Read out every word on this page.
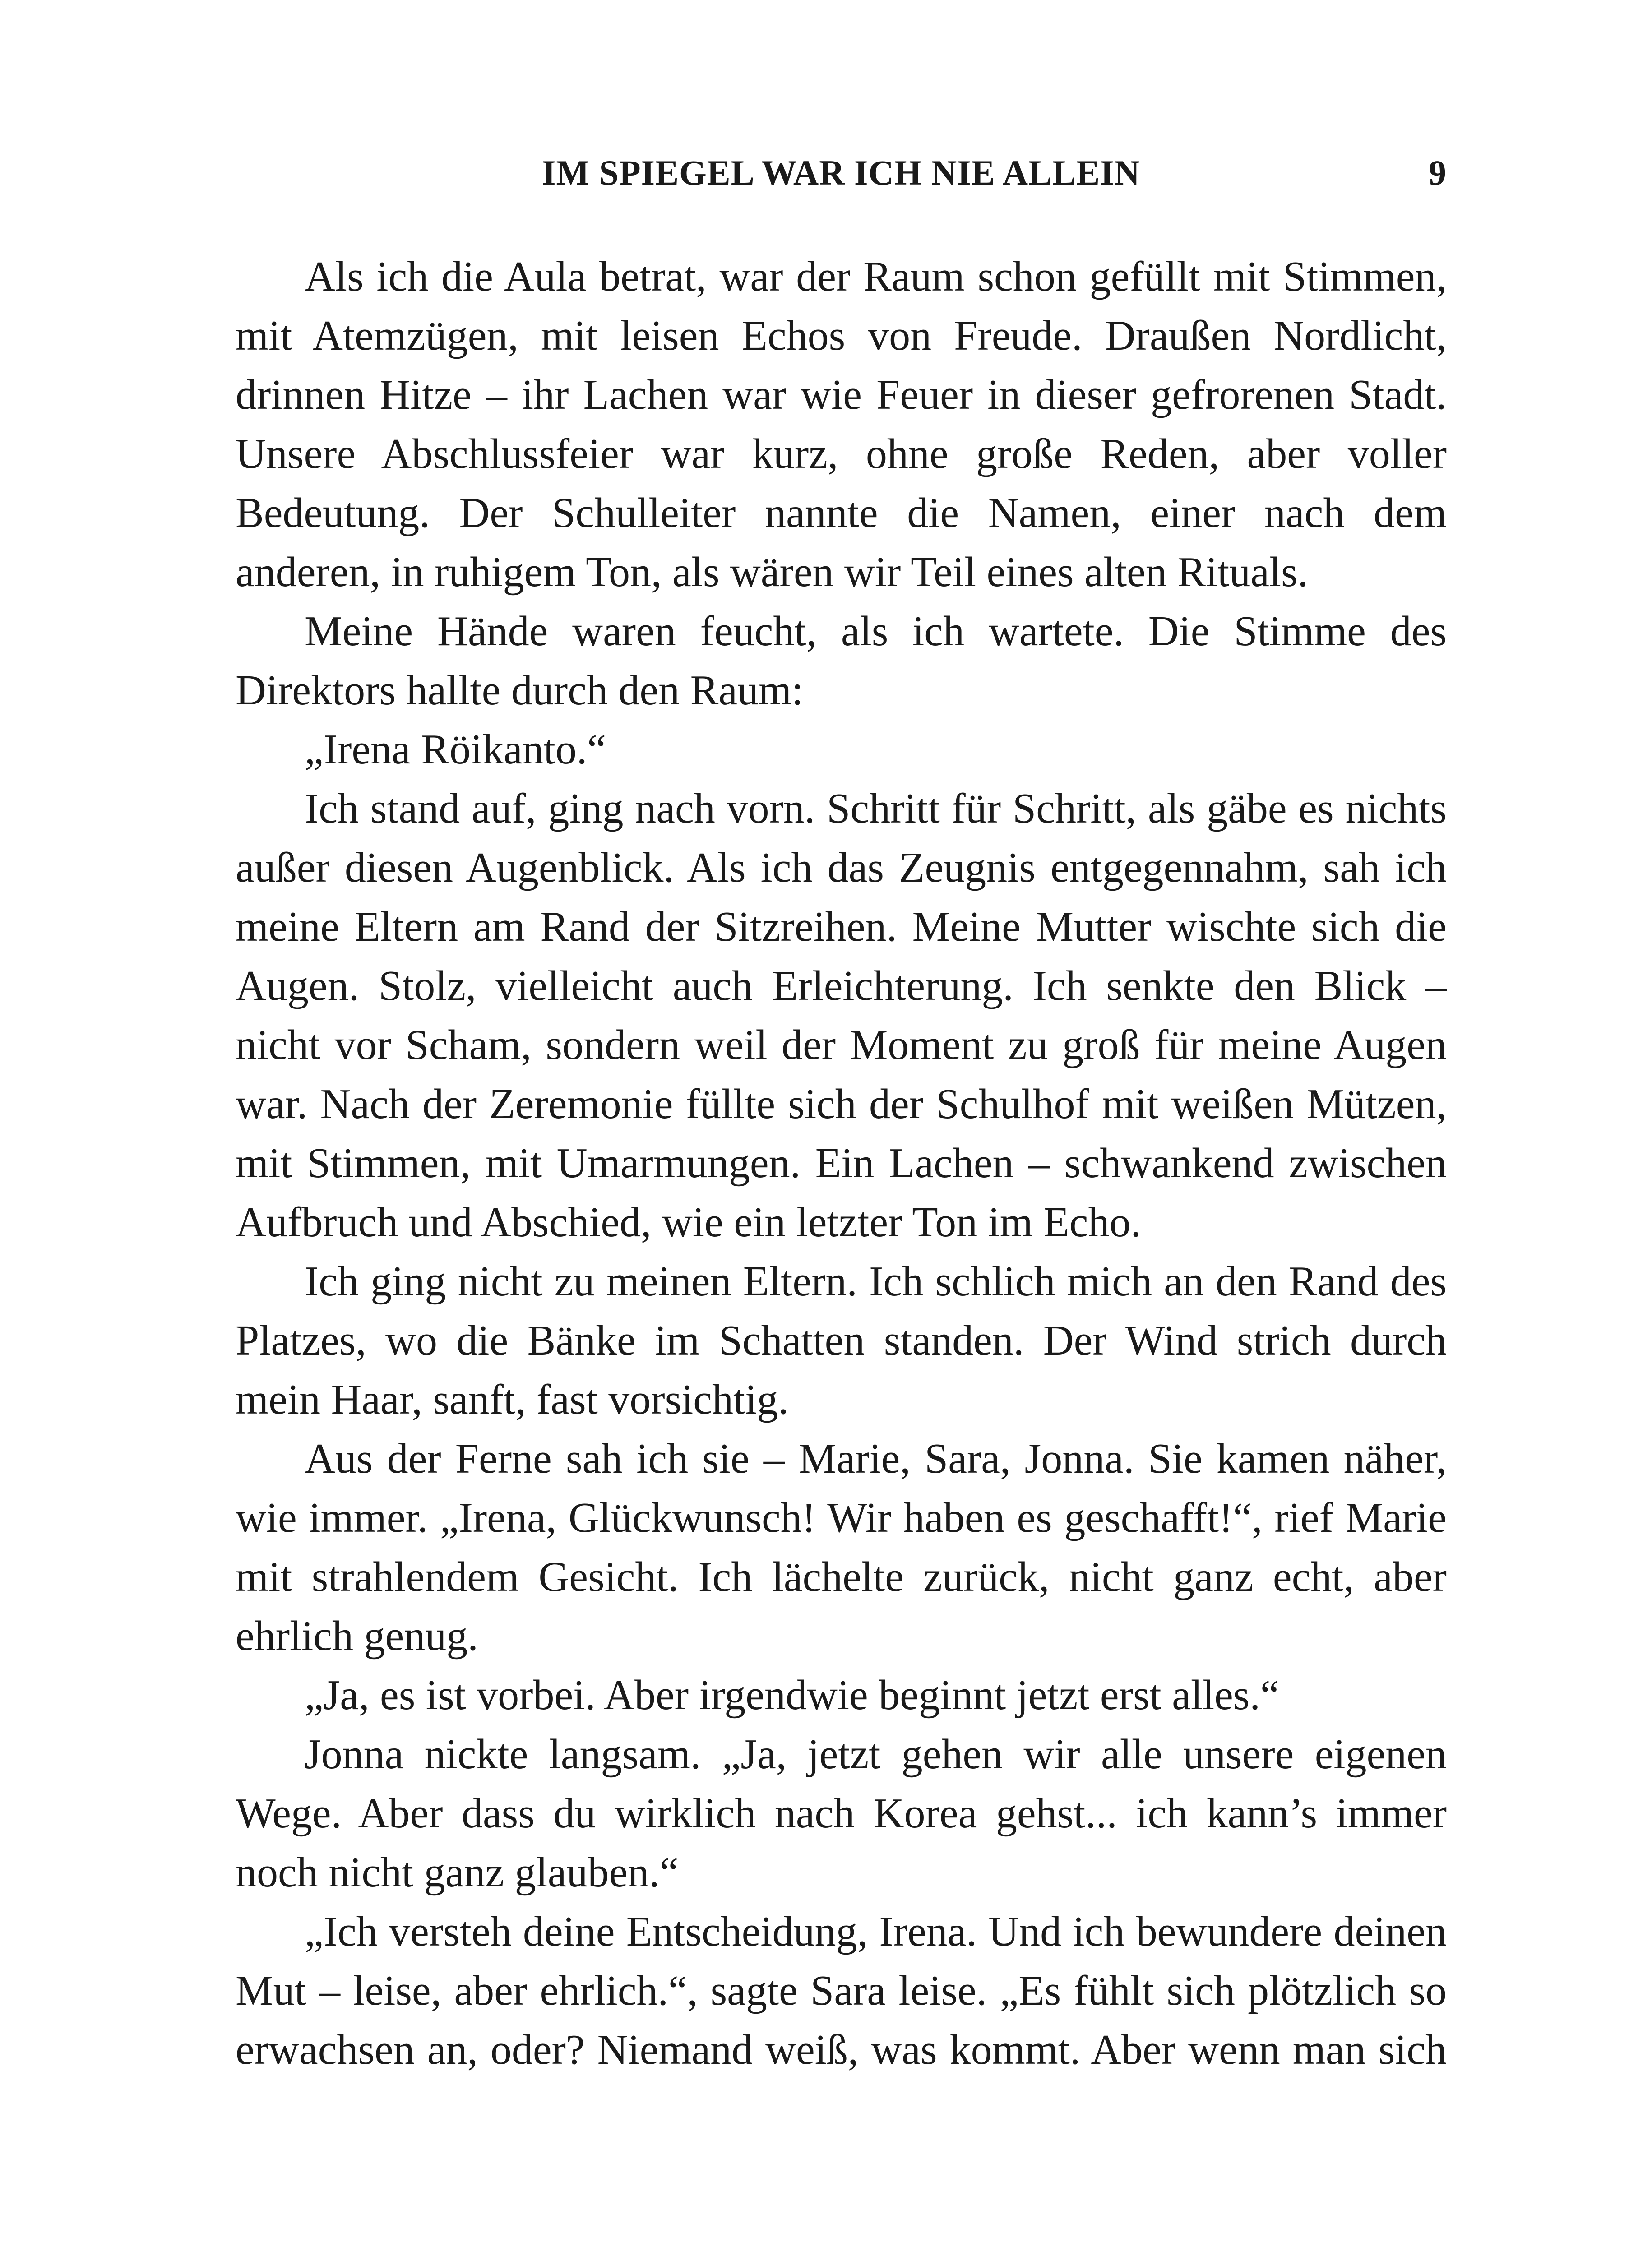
IM SPIEGEL WAR ICH NIE ALLEIN	9

Als ich die Aula betrat, war der Raum schon gefüllt mit Stimmen, mit Atemzügen, mit leisen Echos von Freude. Draußen Nordlicht, drinnen Hitze – ihr Lachen war wie Feuer in dieser gefrorenen Stadt. Unsere Abschlussfeier war kurz, ohne große Reden, aber voller Bedeutung. Der Schulleiter nannte die Namen, einer nach dem anderen, in ruhigem Ton, als wären wir Teil eines alten Rituals.

Meine Hände waren feucht, als ich wartete. Die Stimme des Direktors hallte durch den Raum:

„Irena Röikanto.“

Ich stand auf, ging nach vorn. Schritt für Schritt, als gäbe es nichts außer diesen Augenblick. Als ich das Zeugnis entgegennahm, sah ich meine Eltern am Rand der Sitzreihen. Meine Mutter wischte sich die Augen. Stolz, vielleicht auch Erleichterung. Ich senkte den Blick – nicht vor Scham, sondern weil der Moment zu groß für meine Augen war. Nach der Zeremonie füllte sich der Schulhof mit weißen Mützen, mit Stimmen, mit Umarmungen. Ein Lachen – schwankend zwischen Aufbruch und Abschied, wie ein letzter Ton im Echo.

Ich ging nicht zu meinen Eltern. Ich schlich mich an den Rand des Platzes, wo die Bänke im Schatten standen. Der Wind strich durch mein Haar, sanft, fast vorsichtig.

Aus der Ferne sah ich sie – Marie, Sara, Jonna. Sie kamen näher, wie immer. „Irena, Glückwunsch! Wir haben es geschafft!“, rief Marie mit strahlendem Gesicht. Ich lächelte zurück, nicht ganz echt, aber ehrlich genug.

„Ja, es ist vorbei. Aber irgendwie beginnt jetzt erst alles.“

Jonna nickte langsam. „Ja, jetzt gehen wir alle unsere eigenen Wege. Aber dass du wirklich nach Korea gehst... ich kann’s immer noch nicht ganz glauben.“

„Ich versteh deine Entscheidung, Irena. Und ich bewundere deinen Mut – leise, aber ehrlich.“, sagte Sara leise. „Es fühlt sich plötzlich so erwachsen an, oder? Niemand weiß, was kommt. Aber wenn man sich
